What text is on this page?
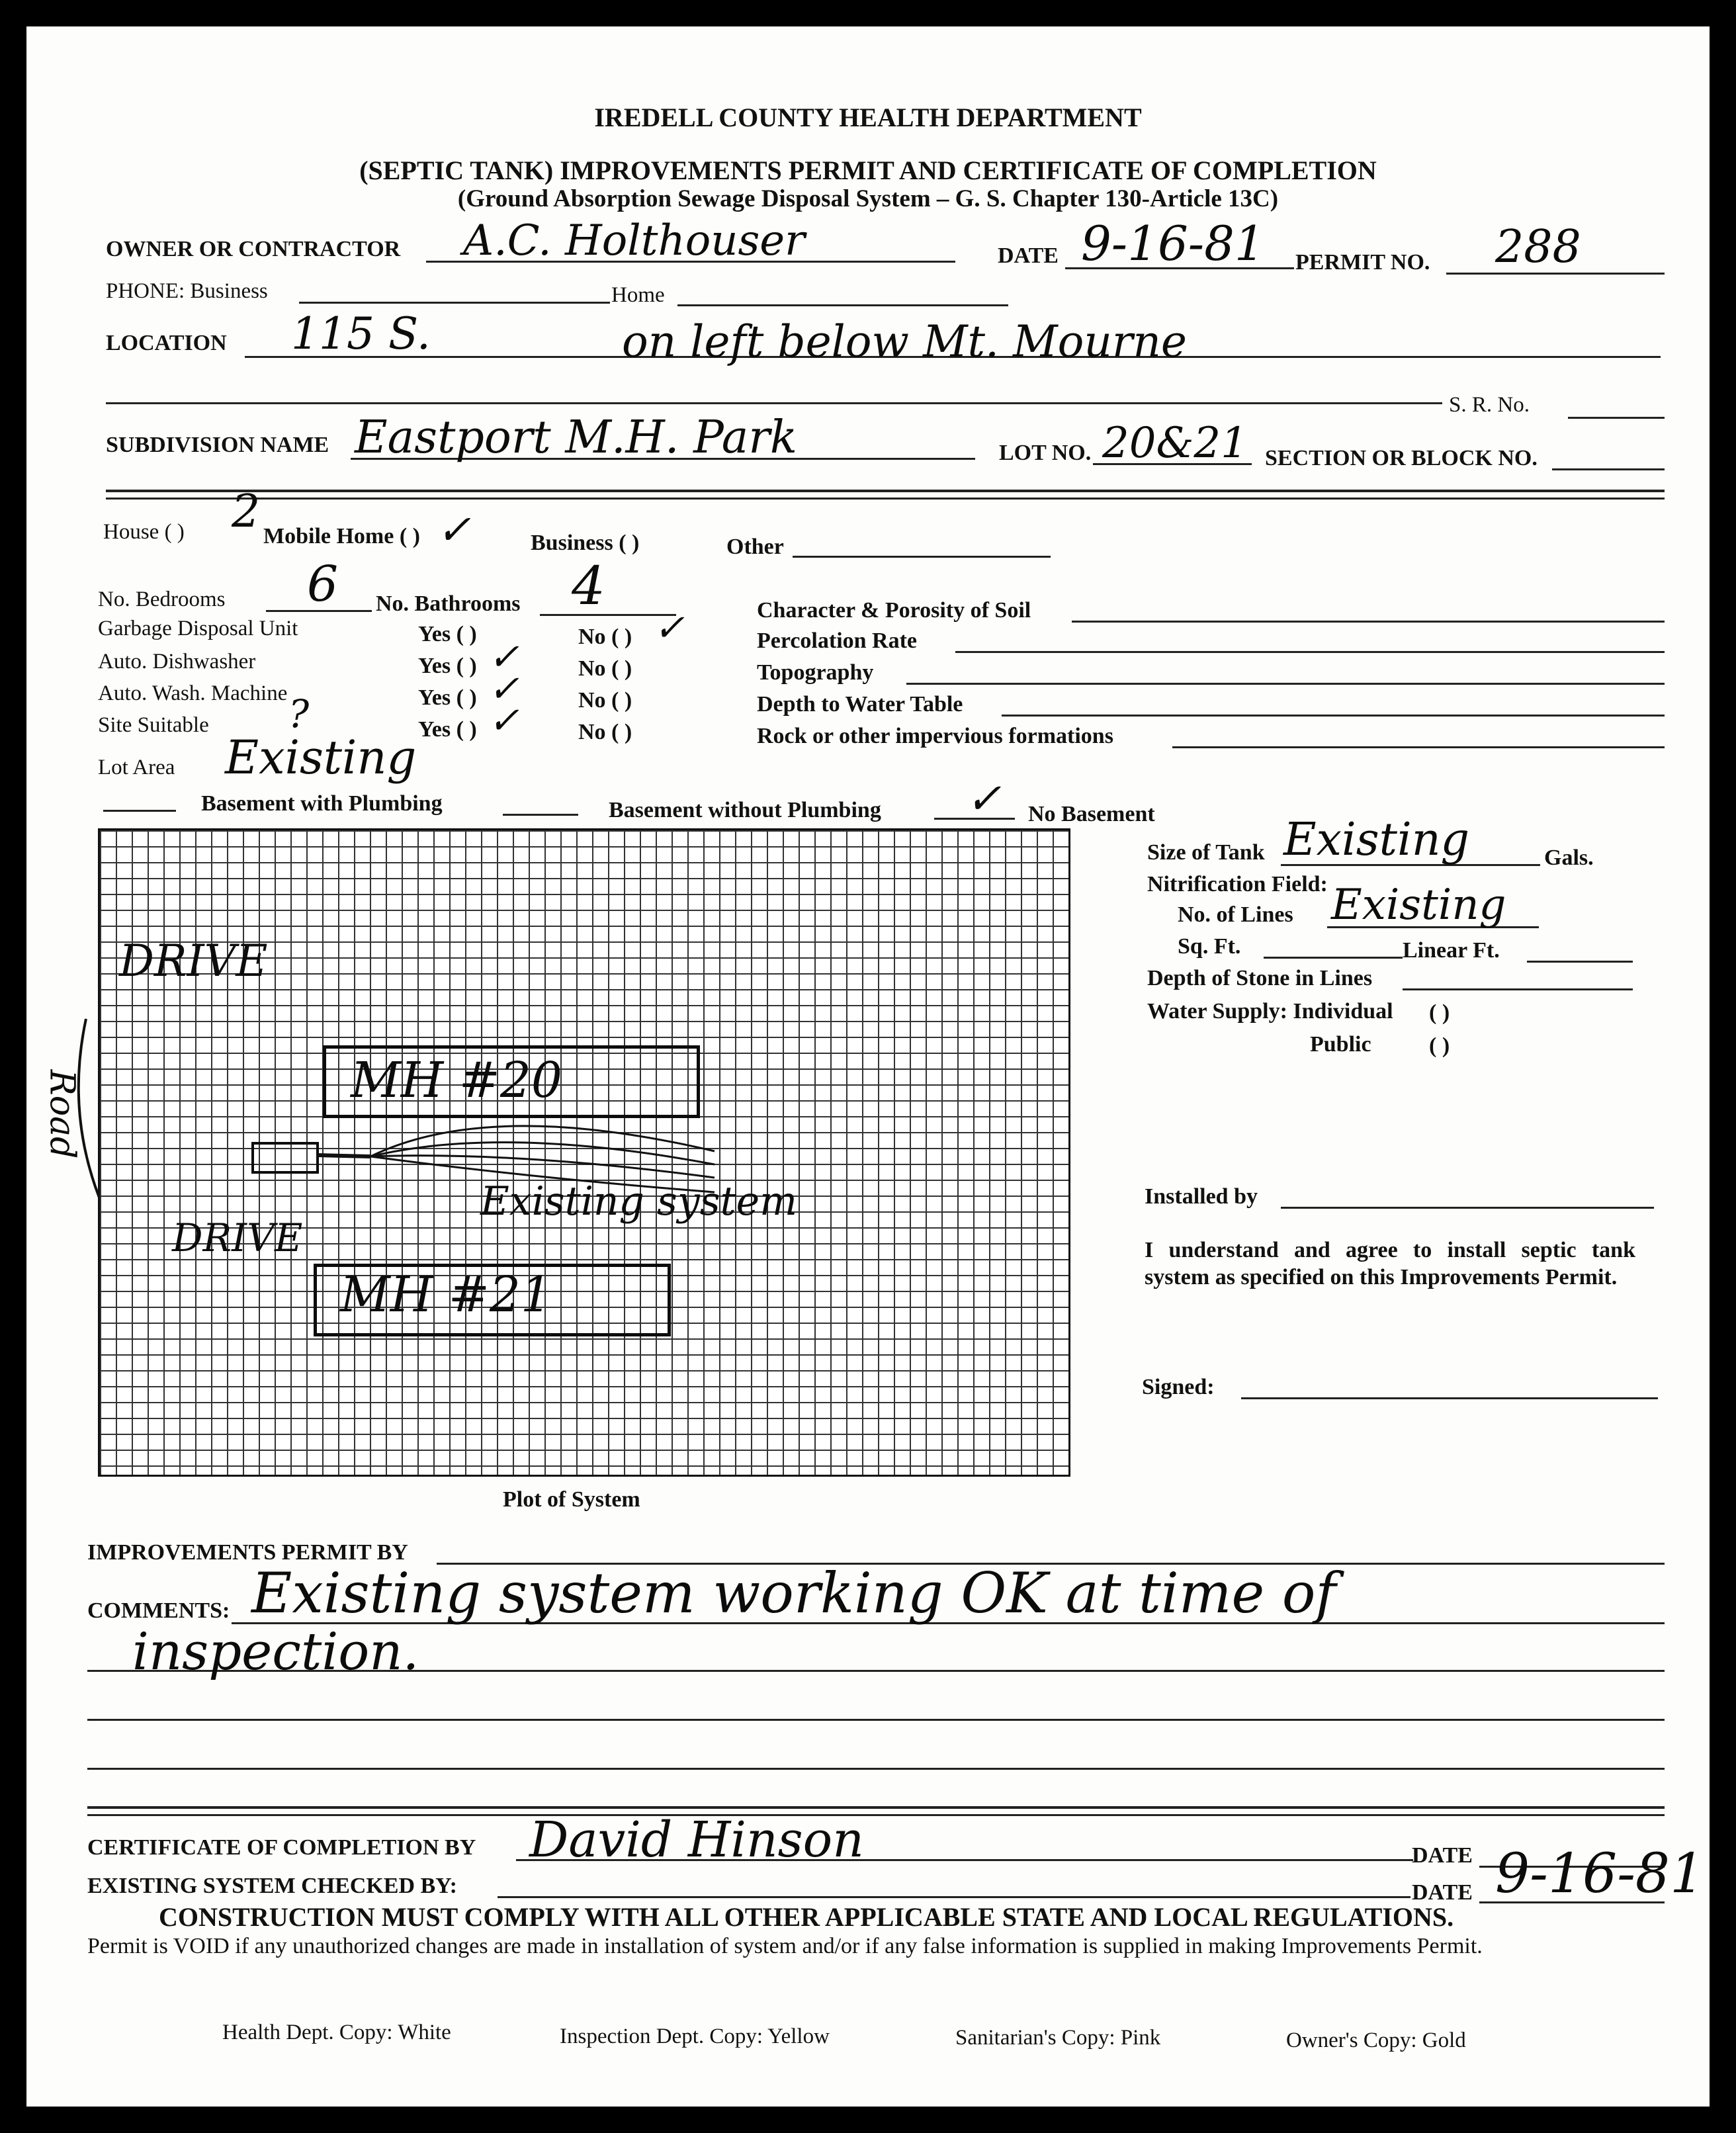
IREDELL COUNTY HEALTH DEPARTMENT
(SEPTIC TANK) IMPROVEMENTS PERMIT AND CERTIFICATE OF COMPLETION
(Ground Absorption Sewage Disposal System – G. S. Chapter 130-Article 13C)
OWNER OR CONTRACTOR A.C. Holthouser	DATE 9-16-81 PERMIT NO. 288
PHONE: Business	Home
LOCATION 115 S.	on left below Mt. Mourne
S. R. No.
SUBDIVISION NAME Eastport M.H. Park	LOT NO. 20&21 SECTION OR BLOCK NO.
House ( ) 2 Mobile Home ( ) ✓	Business ( )	Other
No. Bedrooms 6 No. Bathrooms 4
Garbage Disposal Unit	Yes ( )	No ( ) ✓
Auto. Dishwasher	Yes ( ) ✓	No ( )
Auto. Wash. Machine	Yes ( ) ✓	No ( )
Site Suitable ?	Yes ( ) ✓	No ( )
Character & Porosity of Soil
Percolation Rate
Topography
Depth to Water Table
Rock or other impervious formations
Lot Area Existing
Basement with Plumbing	Basement without Plumbing ✓ No Basement
DRIVE
MH #20
Existing system
DRIVE
MH #21
Road
Plot of System
Size of Tank Existing	Gals.
Nitrification Field:
No. of Lines Existing
Sq. Ft.	Linear Ft.
Depth of Stone in Lines
Water Supply: Individual ( )
Public	( )
Installed by
I understand and agree to install septic tank system as specified on this Improvements Permit.
Signed:
IMPROVEMENTS PERMIT BY
COMMENTS: Existing system working OK at time of
inspection.
CERTIFICATE OF COMPLETION BY David Hinson	DATE
EXISTING SYSTEM CHECKED BY:	DATE 9-16-81
CONSTRUCTION MUST COMPLY WITH ALL OTHER APPLICABLE STATE AND LOCAL REGULATIONS.
Permit is VOID if any unauthorized changes are made in installation of system and/or if any false information is supplied in making Improvements Permit.
Health Dept. Copy: White	Inspection Dept. Copy: Yellow	Sanitarian's Copy: Pink	Owner's Copy: Gold
